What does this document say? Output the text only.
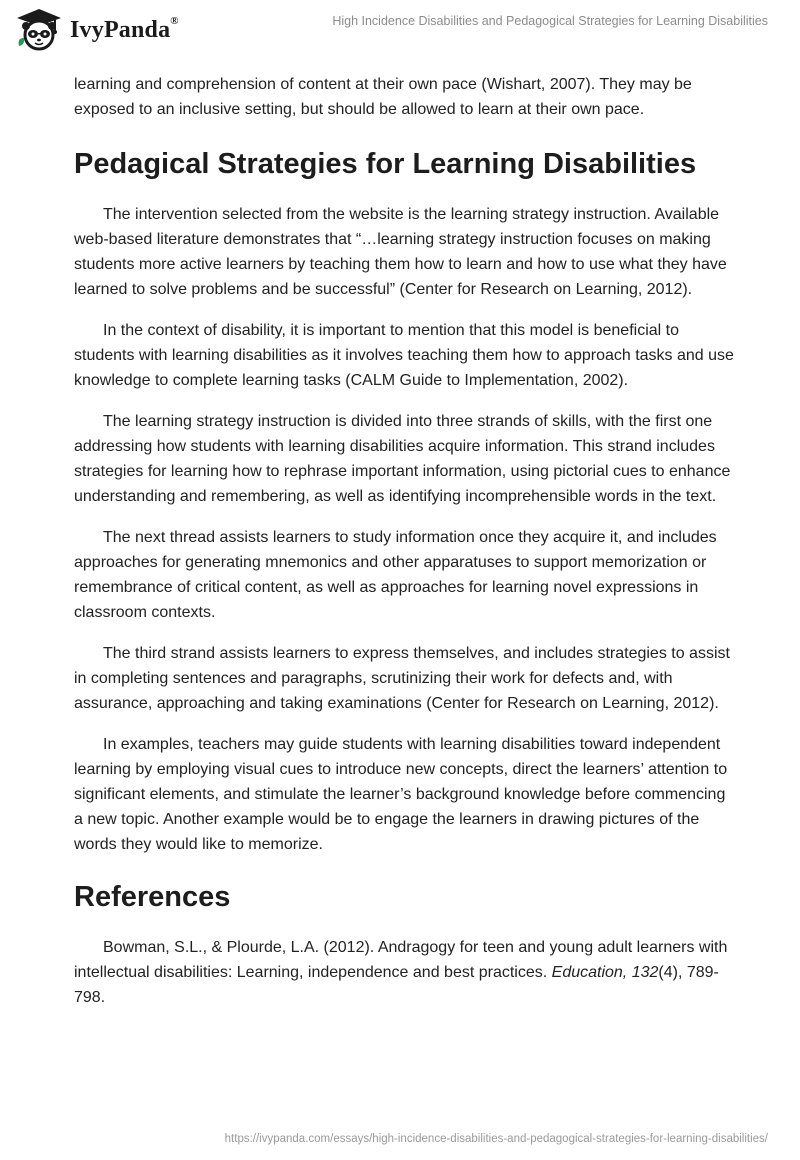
IvyPanda®	High Incidence Disabilities and Pedagogical Strategies for Learning Disabilities

learning and comprehension of content at their own pace (Wishart, 2007). They may be exposed to an inclusive setting, but should be allowed to learn at their own pace.

Pedagical Strategies for Learning Disabilities

The intervention selected from the website is the learning strategy instruction. Available web-based literature demonstrates that “…learning strategy instruction focuses on making students more active learners by teaching them how to learn and how to use what they have learned to solve problems and be successful” (Center for Research on Learning, 2012).

In the context of disability, it is important to mention that this model is beneficial to students with learning disabilities as it involves teaching them how to approach tasks and use knowledge to complete learning tasks (CALM Guide to Implementation, 2002).

The learning strategy instruction is divided into three strands of skills, with the first one addressing how students with learning disabilities acquire information. This strand includes strategies for learning how to rephrase important information, using pictorial cues to enhance understanding and remembering, as well as identifying incomprehensible words in the text.

The next thread assists learners to study information once they acquire it, and includes approaches for generating mnemonics and other apparatuses to support memorization or remembrance of critical content, as well as approaches for learning novel expressions in classroom contexts.

The third strand assists learners to express themselves, and includes strategies to assist in completing sentences and paragraphs, scrutinizing their work for defects and, with assurance, approaching and taking examinations (Center for Research on Learning, 2012).

In examples, teachers may guide students with learning disabilities toward independent learning by employing visual cues to introduce new concepts, direct the learners’ attention to significant elements, and stimulate the learner’s background knowledge before commencing a new topic. Another example would be to engage the learners in drawing pictures of the words they would like to memorize.

References

Bowman, S.L., & Plourde, L.A. (2012). Andragogy for teen and young adult learners with intellectual disabilities: Learning, independence and best practices. Education, 132(4), 789-798.

https://ivypanda.com/essays/high-incidence-disabilities-and-pedagogical-strategies-for-learning-disabilities/
